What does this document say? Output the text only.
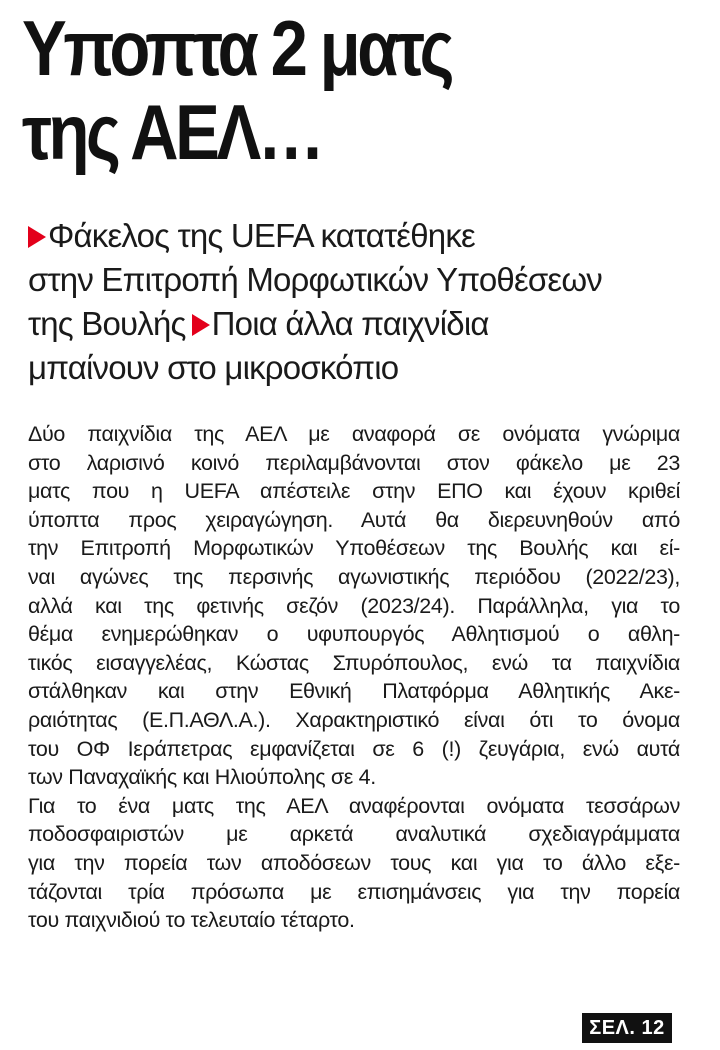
Υποπτα 2 ματς
της ΑΕΛ…
Φάκελος της UEFA κατατέθηκε
στην Επιτροπή Μορφωτικών Υποθέσεων
της Βουλής Ποια άλλα παιχνίδια
μπαίνουν στο μικροσκόπιο
Δύο παιχνίδια της ΑΕΛ με αναφορά σε ονόματα γνώριμα
στο λαρισινό κοινό περιλαμβάνονται στον φάκελο με 23
ματς που η UEFA απέστειλε στην ΕΠΟ και έχουν κριθεί
ύποπτα προς χειραγώγηση. Αυτά θα διερευνηθούν από
την Επιτροπή Μορφωτικών Υποθέσεων της Βουλής και εί-
ναι αγώνες της περσινής αγωνιστικής περιόδου (2022/23),
αλλά και της φετινής σεζόν (2023/24). Παράλληλα, για το
θέμα ενημερώθηκαν ο υφυπουργός Αθλητισμού ο αθλη-
τικός εισαγγελέας, Κώστας Σπυρόπουλος, ενώ τα παιχνίδια
στάλθηκαν και στην Εθνική Πλατφόρμα Αθλητικής Ακε-
ραιότητας (Ε.Π.ΑΘΛ.Α.). Χαρακτηριστικό είναι ότι το όνομα
του ΟΦ Ιεράπετρας εμφανίζεται σε 6 (!) ζευγάρια, ενώ αυτά
των Παναχαϊκής και Ηλιούπολης σε 4.
Για το ένα ματς της ΑΕΛ αναφέρονται ονόματα τεσσάρων
ποδοσφαιριστών με αρκετά αναλυτικά σχεδιαγράμματα
για την πορεία των αποδόσεων τους και για το άλλο εξε-
τάζονται τρία πρόσωπα με επισημάνσεις για την πορεία
του παιχνιδιού το τελευταίο τέταρτο.
ΣΕΛ. 12
